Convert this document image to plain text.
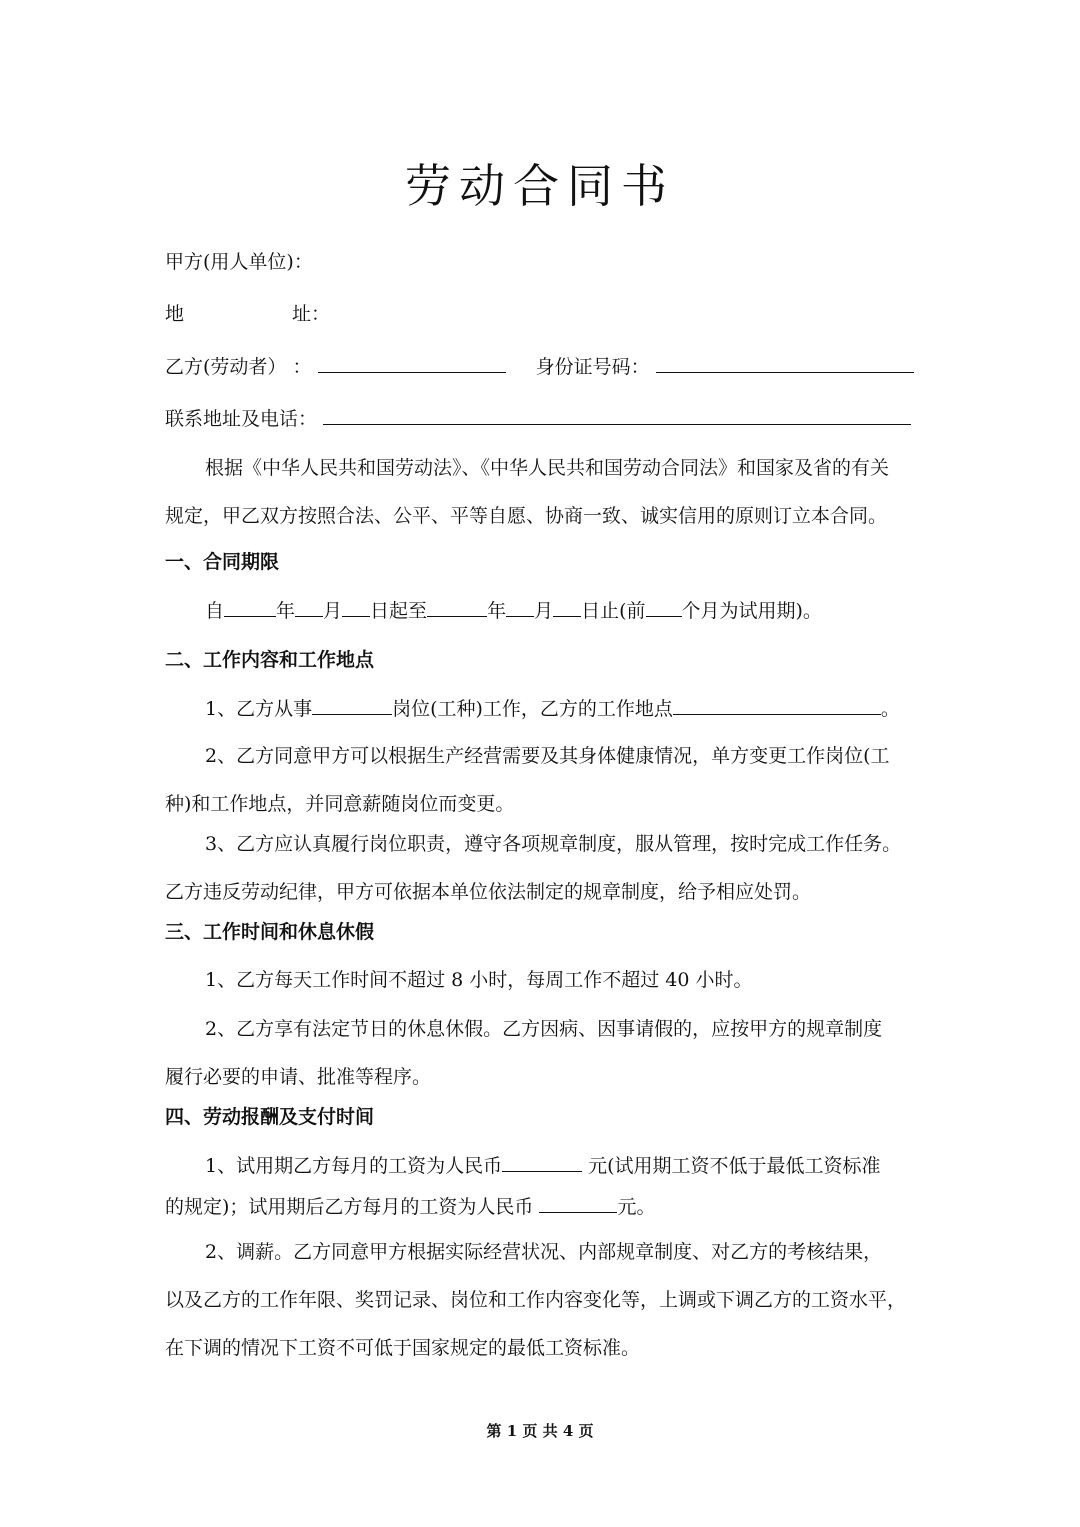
劳动合同书
甲方(用人单位)：
地	址：
乙方(劳动者） ：	身份证号码：
联系地址及电话：
根据《中华人民共和国劳动法》、《中华人民共和国劳动合同法》和国家及省的有关
规定，甲乙双方按照合法、公平、平等自愿、协商一致、诚实信用的原则订立本合同。
一、合同期限
自	年 月 日起至	年 月 日止(前 个月为试用期)。
二、工作内容和工作地点
1、乙方从事	岗位(工种)工作，乙方的工作地点	。
2、乙方同意甲方可以根据生产经营需要及其身体健康情况，单方变更工作岗位(工
种)和工作地点，并同意薪随岗位而变更。
3、乙方应认真履行岗位职责，遵守各项规章制度，服从管理，按时完成工作任务。
乙方违反劳动纪律，甲方可依据本单位依法制定的规章制度，给予相应处罚。
三、工作时间和休息休假
1、乙方每天工作时间不超过 8 小时，每周工作不超过 40 小时。
2、乙方享有法定节日的休息休假。乙方因病、因事请假的，应按甲方的规章制度
履行必要的申请、批准等程序。
四、劳动报酬及支付时间
1、试用期乙方每月的工资为人民币	元(试用期工资不低于最低工资标准
的规定)；试用期后乙方每月的工资为人民币	元。
2、调薪。乙方同意甲方根据实际经营状况、内部规章制度、对乙方的考核结果，
以及乙方的工作年限、奖罚记录、岗位和工作内容变化等，上调或下调乙方的工资水平，
在下调的情况下工资不可低于国家规定的最低工资标准。
第 1 页 共 4 页
